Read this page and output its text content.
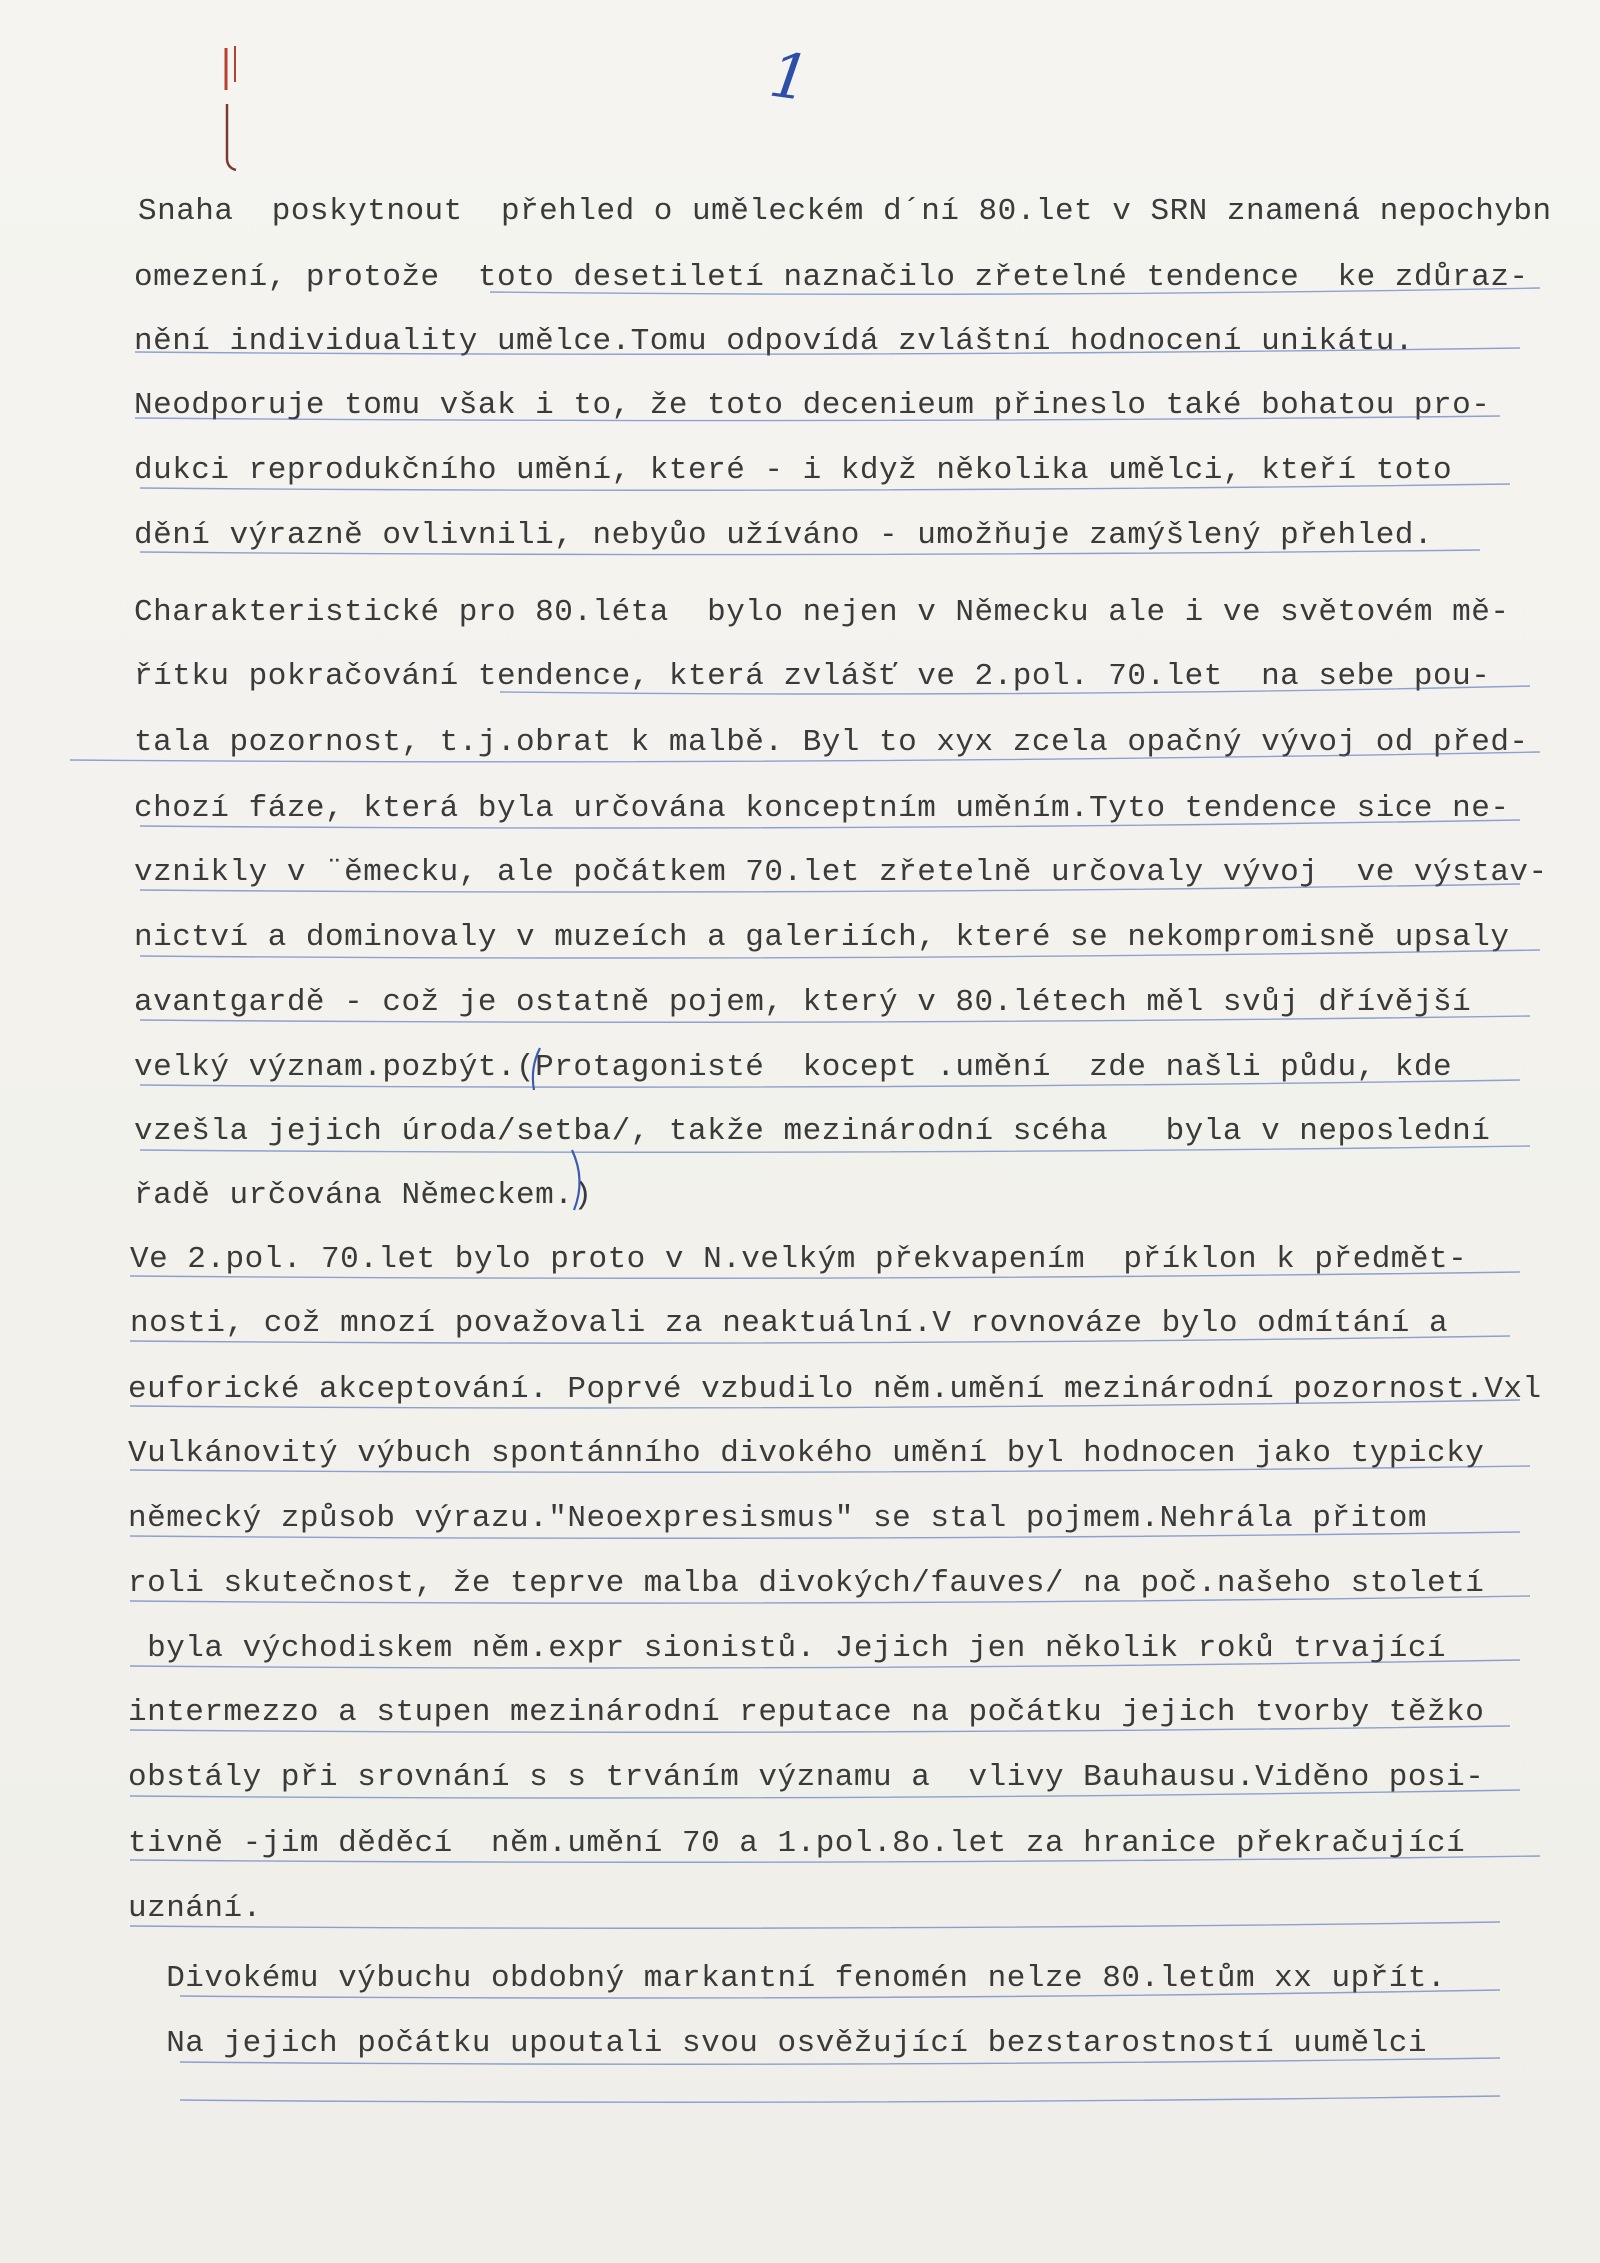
1
Snaha  poskytnout  přehled o uměleckém d´ní 80.let v SRN znamená nepochybn
omezení, protože  toto desetiletí naznačilo zřetelné tendence  ke zdůraz-
nění individuality umělce.Tomu odpovídá zvláštní hodnocení unikátu.
Neodporuje tomu však i to, že toto decenieum přineslo také bohatou pro-
dukci reprodukčního umění, které - i když několika umělci, kteří toto
dění výrazně ovlivnili, nebyůo užíváno - umožňuje zamýšlený přehled.
Charakteristické pro 80.léta  bylo nejen v Německu ale i ve světovém mě-
řítku pokračování tendence, která zvlášť ve 2.pol. 70.let  na sebe pou-
tala pozornost, t.j.obrat k malbě. Byl to xyx zcela opačný vývoj od před-
chozí fáze, která byla určována konceptním uměním.Tyto tendence sice ne-
vznikly v ¨ěmecku, ale počátkem 70.let zřetelně určovaly vývoj  ve výstav-
nictví a dominovaly v muzeích a galeriích, které se nekompromisně upsaly
avantgardě - což je ostatně pojem, který v 80.létech měl svůj dřívější
velký význam.pozbýt.(Protagonisté  kocept .umění  zde našli půdu, kde
vzešla jejich úroda/setba/, takže mezinárodní scéha   byla v neposlední
řadě určována Německem.)
Ve 2.pol. 70.let bylo proto v N.velkým překvapením  příklon k předmět-
nosti, což mnozí považovali za neaktuální.V rovnováze bylo odmítání a
euforické akceptování. Poprvé vzbudilo něm.umění mezinárodní pozornost.Vxl
Vulkánovitý výbuch spontánního divokého umění byl hodnocen jako typicky
německý způsob výrazu."Neoexpresismus" se stal pojmem.Nehrála přitom
roli skutečnost, že teprve malba divokých/fauves/ na poč.našeho století
byla východiskem něm.expr sionistů. Jejich jen několik roků trvající
intermezzo a stupen mezinárodní reputace na počátku jejich tvorby těžko
obstály při srovnání s s trváním významu a  vlivy Bauhausu.Viděno posi-
tivně -jim děděcí  něm.umění 70 a 1.pol.8o.let za hranice překračující
uznání.
Divokému výbuchu obdobný markantní fenomén nelze 80.letům xx upřít.
Na jejich počátku upoutali svou osvěžující bezstarostností uumělci
